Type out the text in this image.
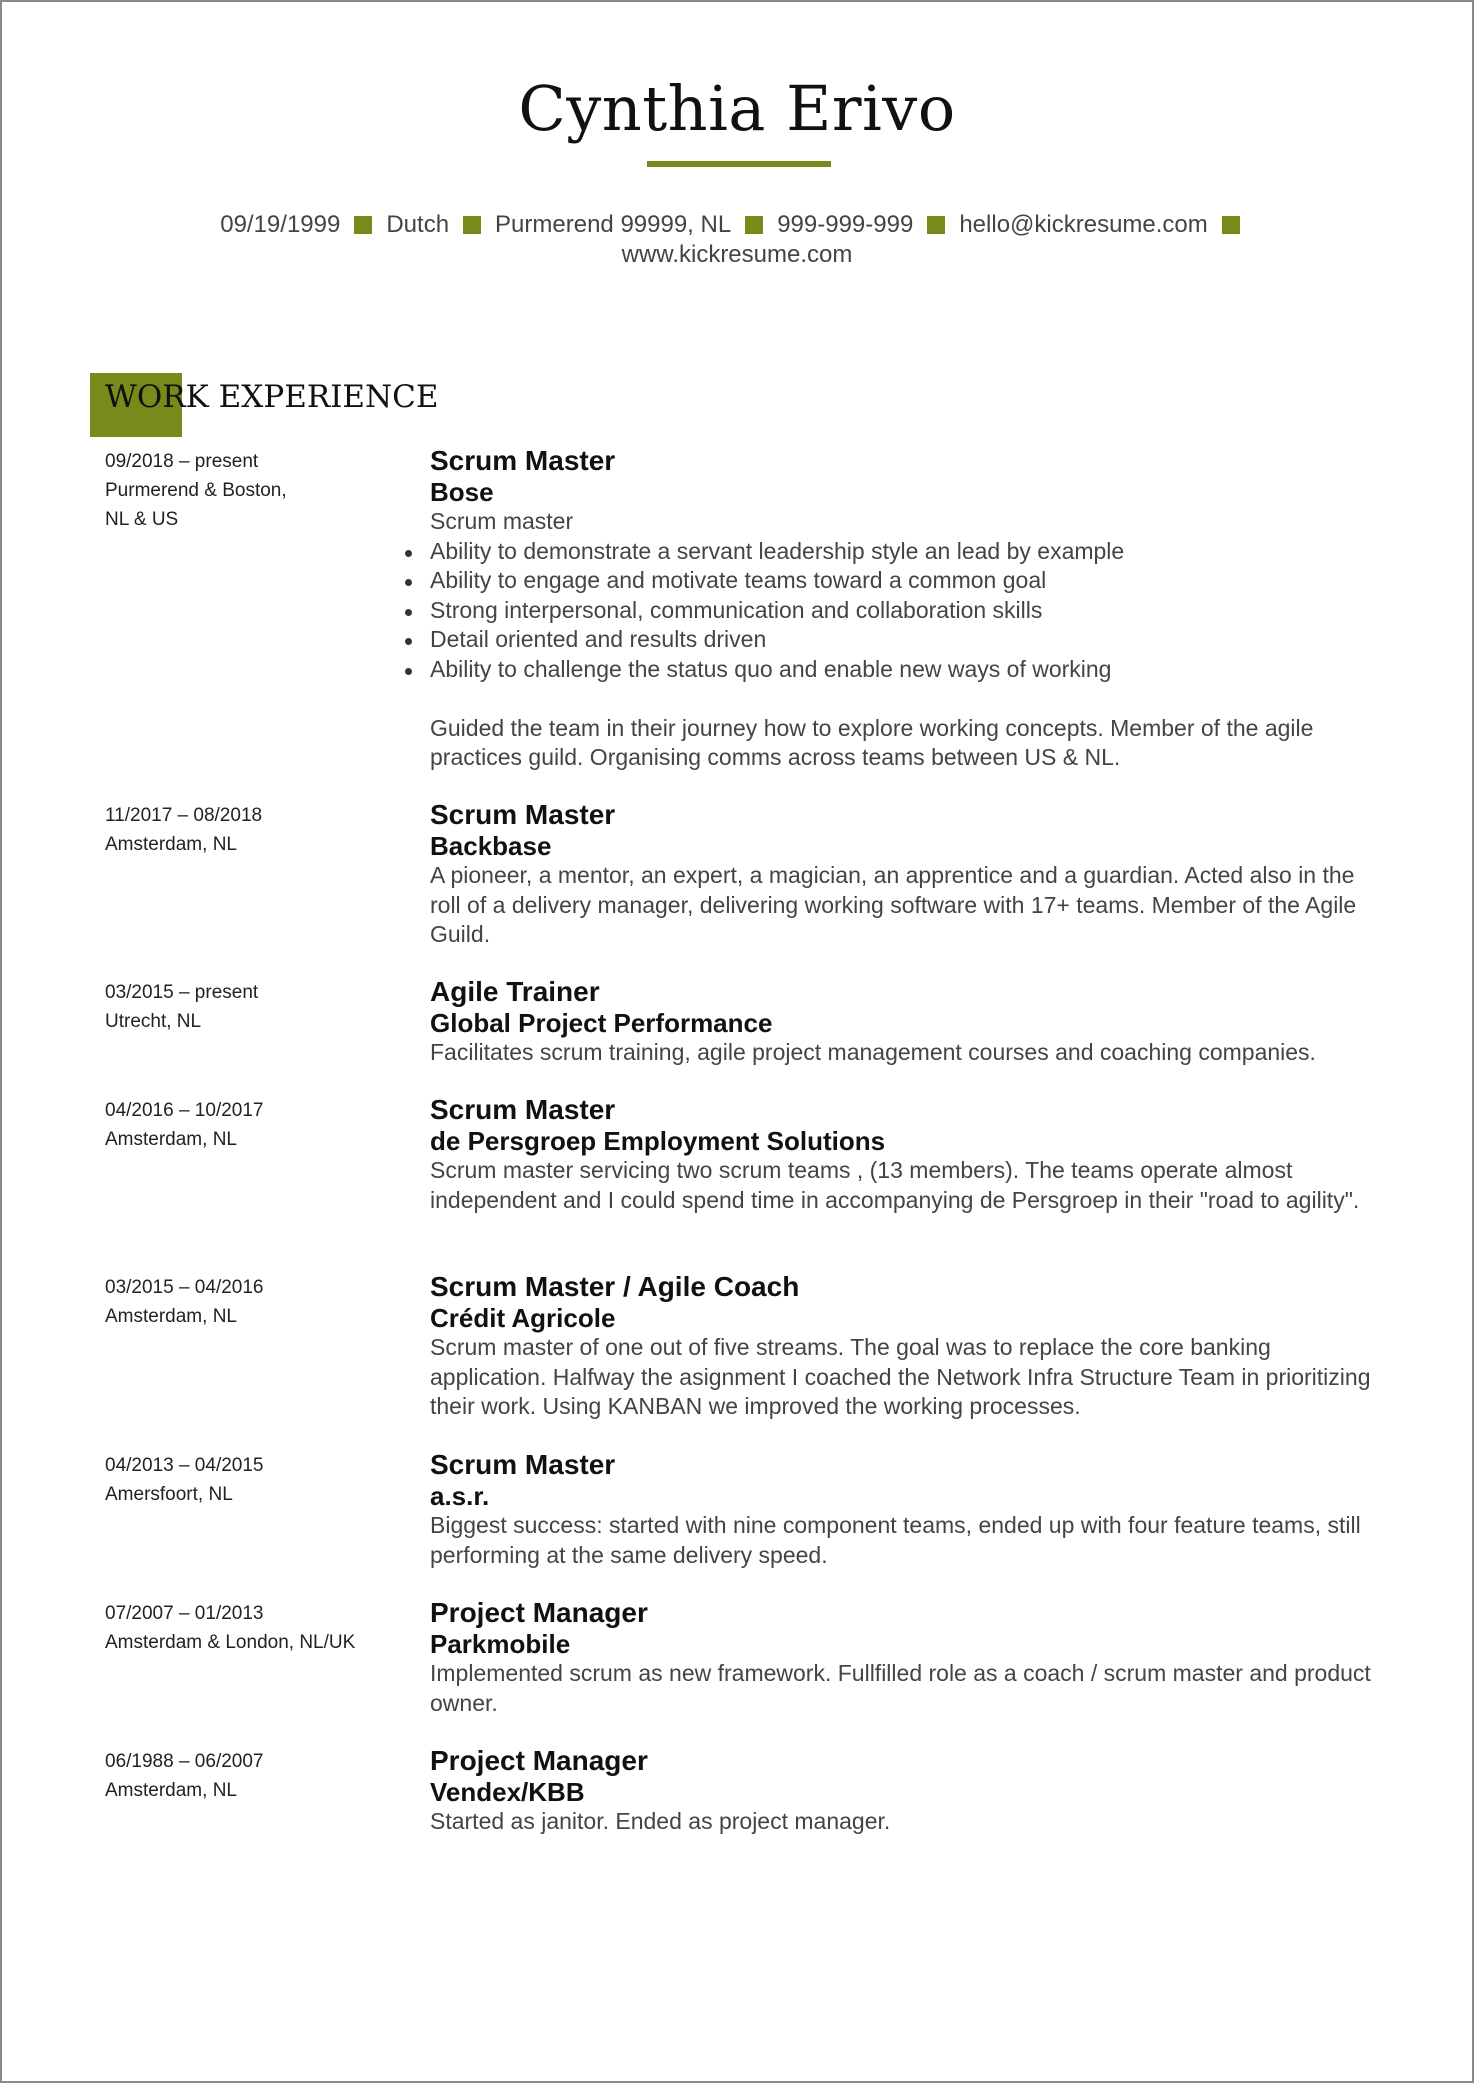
Cynthia Erivo
09/19/1999 Dutch Purmerend 99999, NL 999-999-999 hello@kickresume.com
www.kickresume.com
WORK EXPERIENCE
09/2018 – present
Purmerend & Boston, NL & US
Scrum Master
Bose
Scrum master
Ability to demonstrate a servant leadership style an lead by example
Ability to engage and motivate teams toward a common goal
Strong interpersonal, communication and collaboration skills
Detail oriented and results driven
Ability to challenge the status quo and enable new ways of working
Guided the team in their journey how to explore working concepts. Member of the agile practices guild. Organising comms across teams between US & NL.
11/2017 – 08/2018
Amsterdam, NL
Scrum Master
Backbase
A pioneer, a mentor, an expert, a magician, an apprentice and a guardian. Acted also in the roll of a delivery manager, delivering working software with 17+ teams. Member of the Agile Guild.
03/2015 – present
Utrecht, NL
Agile Trainer
Global Project Performance
Facilitates scrum training, agile project management courses and coaching companies.
04/2016 – 10/2017
Amsterdam, NL
Scrum Master
de Persgroep Employment Solutions
Scrum master servicing two scrum teams , (13 members). The teams operate almost independent and I could spend time in accompanying de Persgroep in their "road to agility".
03/2015 – 04/2016
Amsterdam, NL
Scrum Master / Agile Coach
Crédit Agricole
Scrum master of one out of five streams. The goal was to replace the core banking application. Halfway the asignment I coached the Network Infra Structure Team in prioritizing their work. Using KANBAN we improved the working processes.
04/2013 – 04/2015
Amersfoort, NL
Scrum Master
a.s.r.
Biggest success: started with nine component teams, ended up with four feature teams, still performing at the same delivery speed.
07/2007 – 01/2013
Amsterdam & London, NL/UK
Project Manager
Parkmobile
Implemented scrum as new framework. Fullfilled role as a coach / scrum master and product owner.
06/1988 – 06/2007
Amsterdam, NL
Project Manager
Vendex/KBB
Started as janitor. Ended as project manager.
